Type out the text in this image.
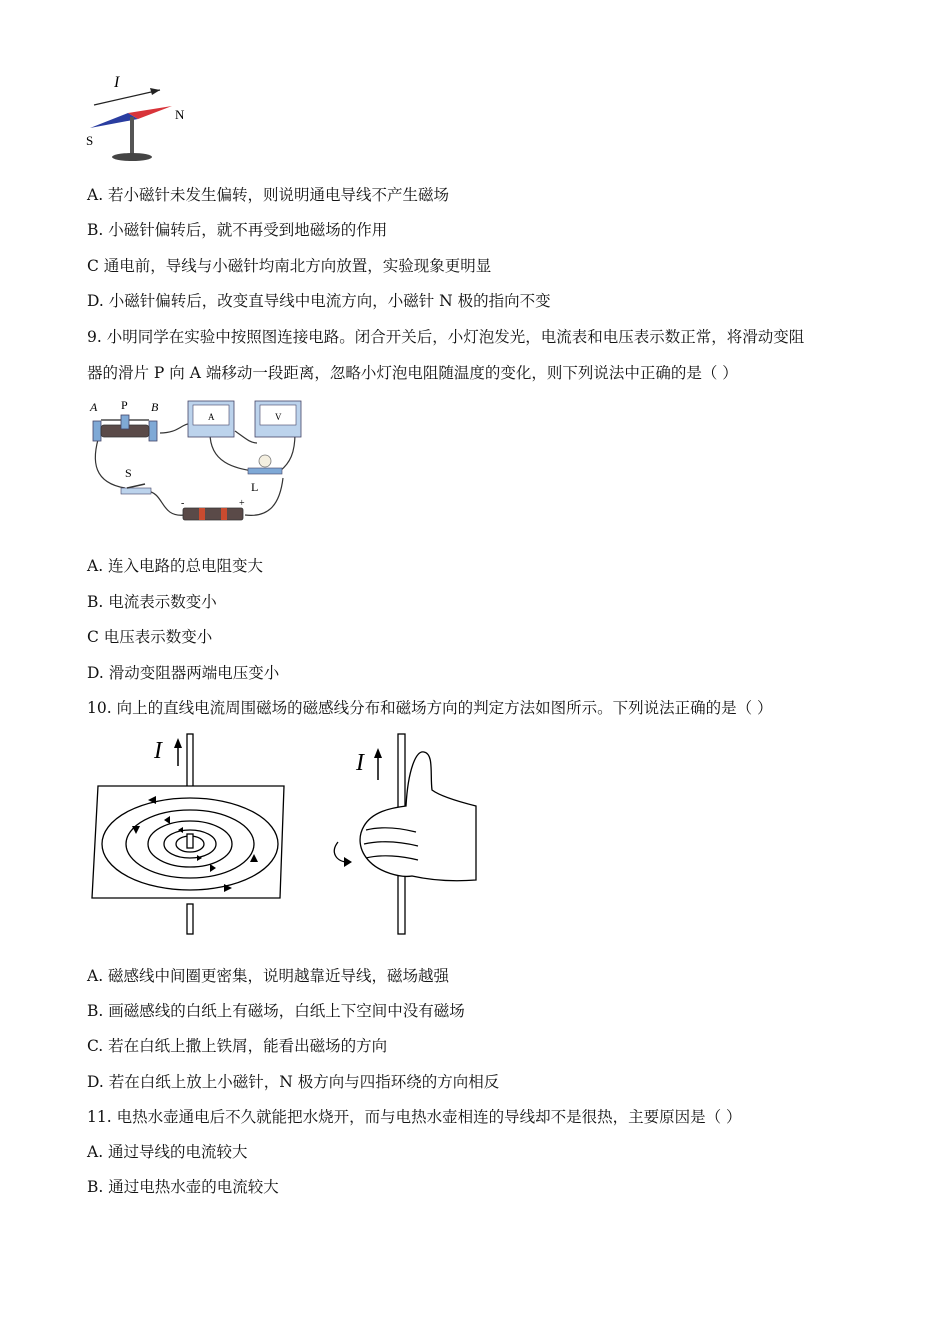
I
S
N
A. 若小磁针未发生偏转，则说明通电导线不产生磁场
B. 小磁针偏转后，就不再受到地磁场的作用
C 通电前，导线与小磁针均南北方向放置，实验现象更明显
D. 小磁针偏转后，改变直导线中电流方向，小磁针 N 极的指向不变
9. 小明同学在实验中按照图连接电路。闭合开关后，小灯泡发光，电流表和电压表示数正常，将滑动变阻
器的滑片 P 向 A 端移动一段距离，忽略小灯泡电阻随温度的变化，则下列说法中正确的是（ ）
A P B
A	V
L
S
-	+
A. 连入电路的总电阻变大
B. 电流表示数变小
C 电压表示数变小
D. 滑动变阻器两端电压变小
10. 向上的直线电流周围磁场的磁感线分布和磁场方向的判定方法如图所示。下列说法正确的是（ ）
I	I
A. 磁感线中间圈更密集，说明越靠近导线，磁场越强
B. 画磁感线的白纸上有磁场，白纸上下空间中没有磁场
C. 若在白纸上撒上铁屑，能看出磁场的方向
D. 若在白纸上放上小磁针，N 极方向与四指环绕的方向相反
11. 电热水壶通电后不久就能把水烧开，而与电热水壶相连的导线却不是很热，主要原因是（ ）
A. 通过导线的电流较大
B. 通过电热水壶的电流较大
